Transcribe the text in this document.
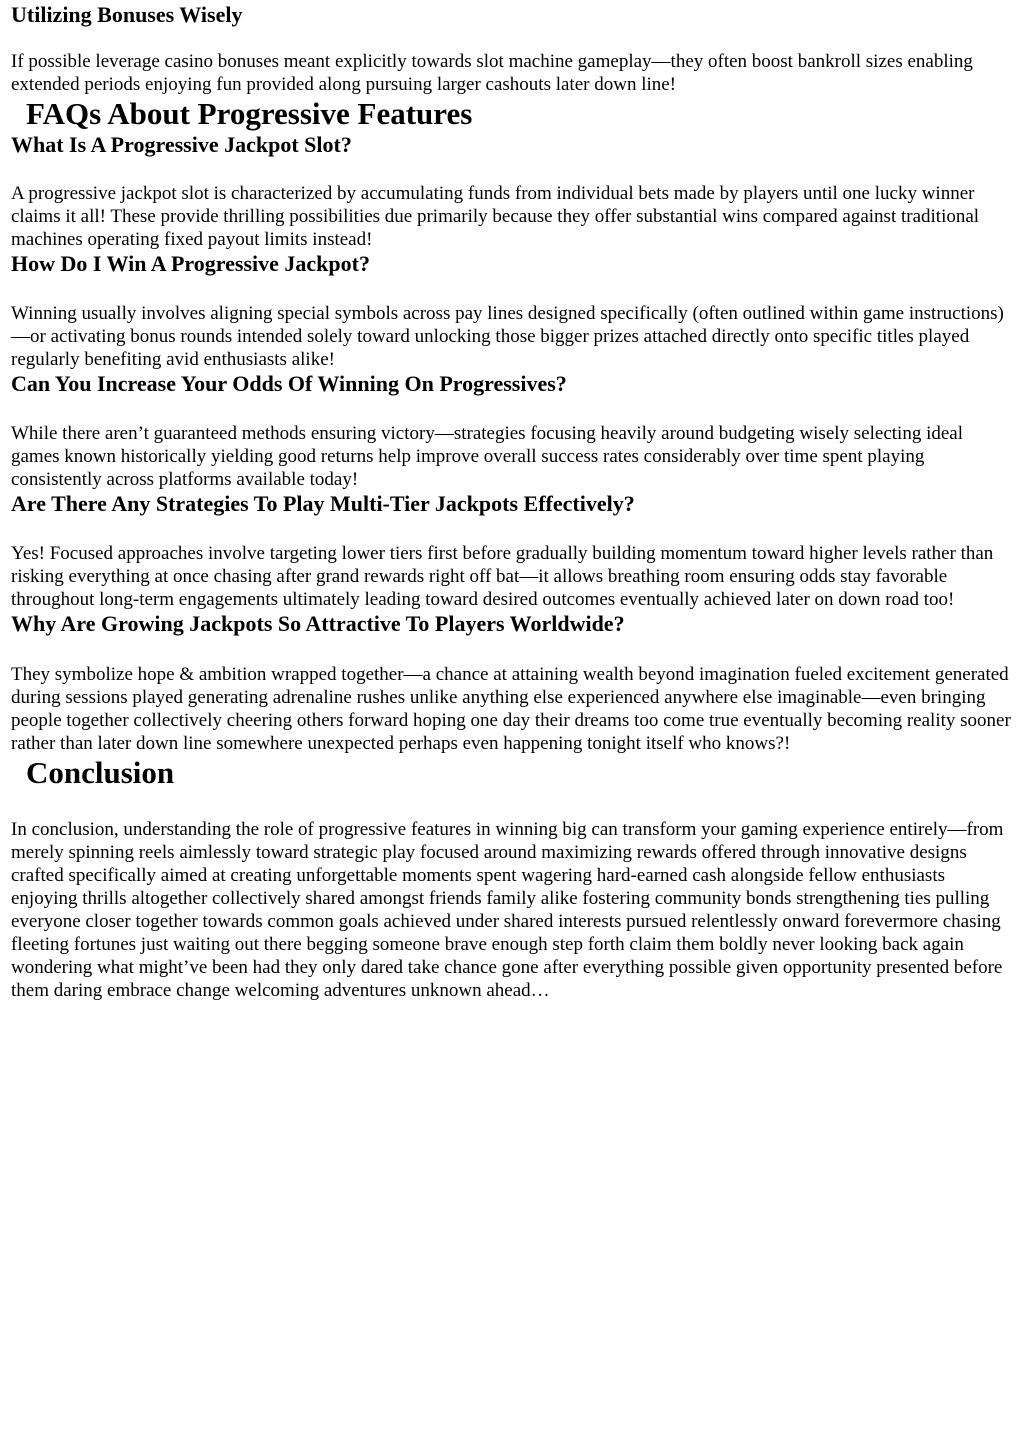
Utilizing Bonuses Wisely

If possible leverage casino bonuses meant explicitly towards slot machine gameplay—they often boost bankroll sizes enabling extended periods enjoying fun provided along pursuing larger cashouts later down line!

FAQs About Progressive Features
What Is A Progressive Jackpot Slot?

A progressive jackpot slot is characterized by accumulating funds from individual bets made by players until one lucky winner claims it all! These provide thrilling possibilities due primarily because they offer substantial wins compared against traditional machines operating fixed payout limits instead!

How Do I Win A Progressive Jackpot?

Winning usually involves aligning special symbols across pay lines designed specifically (often outlined within game instructions)—or activating bonus rounds intended solely toward unlocking those bigger prizes attached directly onto specific titles played regularly benefiting avid enthusiasts alike!

Can You Increase Your Odds Of Winning On Progressives?

While there aren’t guaranteed methods ensuring victory—strategies focusing heavily around budgeting wisely selecting ideal games known historically yielding good returns help improve overall success rates considerably over time spent playing consistently across platforms available today!

Are There Any Strategies To Play Multi-Tier Jackpots Effectively?

Yes! Focused approaches involve targeting lower tiers first before gradually building momentum toward higher levels rather than risking everything at once chasing after grand rewards right off bat—it allows breathing room ensuring odds stay favorable throughout long-term engagements ultimately leading toward desired outcomes eventually achieved later on down road too!

Why Are Growing Jackpots So Attractive To Players Worldwide?

They symbolize hope & ambition wrapped together—a chance at attaining wealth beyond imagination fueled excitement generated during sessions played generating adrenaline rushes unlike anything else experienced anywhere else imaginable—even bringing people together collectively cheering others forward hoping one day their dreams too come true eventually becoming reality sooner rather than later down line somewhere unexpected perhaps even happening tonight itself who knows?!

Conclusion

In conclusion, understanding the role of progressive features in winning big can transform your gaming experience entirely—from merely spinning reels aimlessly toward strategic play focused around maximizing rewards offered through innovative designs crafted specifically aimed at creating unforgettable moments spent wagering hard-earned cash alongside fellow enthusiasts enjoying thrills altogether collectively shared amongst friends family alike fostering community bonds strengthening ties pulling everyone closer together towards common goals achieved under shared interests pursued relentlessly onward forevermore chasing fleeting fortunes just waiting out there begging someone brave enough step forth claim them boldly never looking back again wondering what might’ve been had they only dared take chance gone after everything possible given opportunity presented before them daring embrace change welcoming adventures unknown ahead…
